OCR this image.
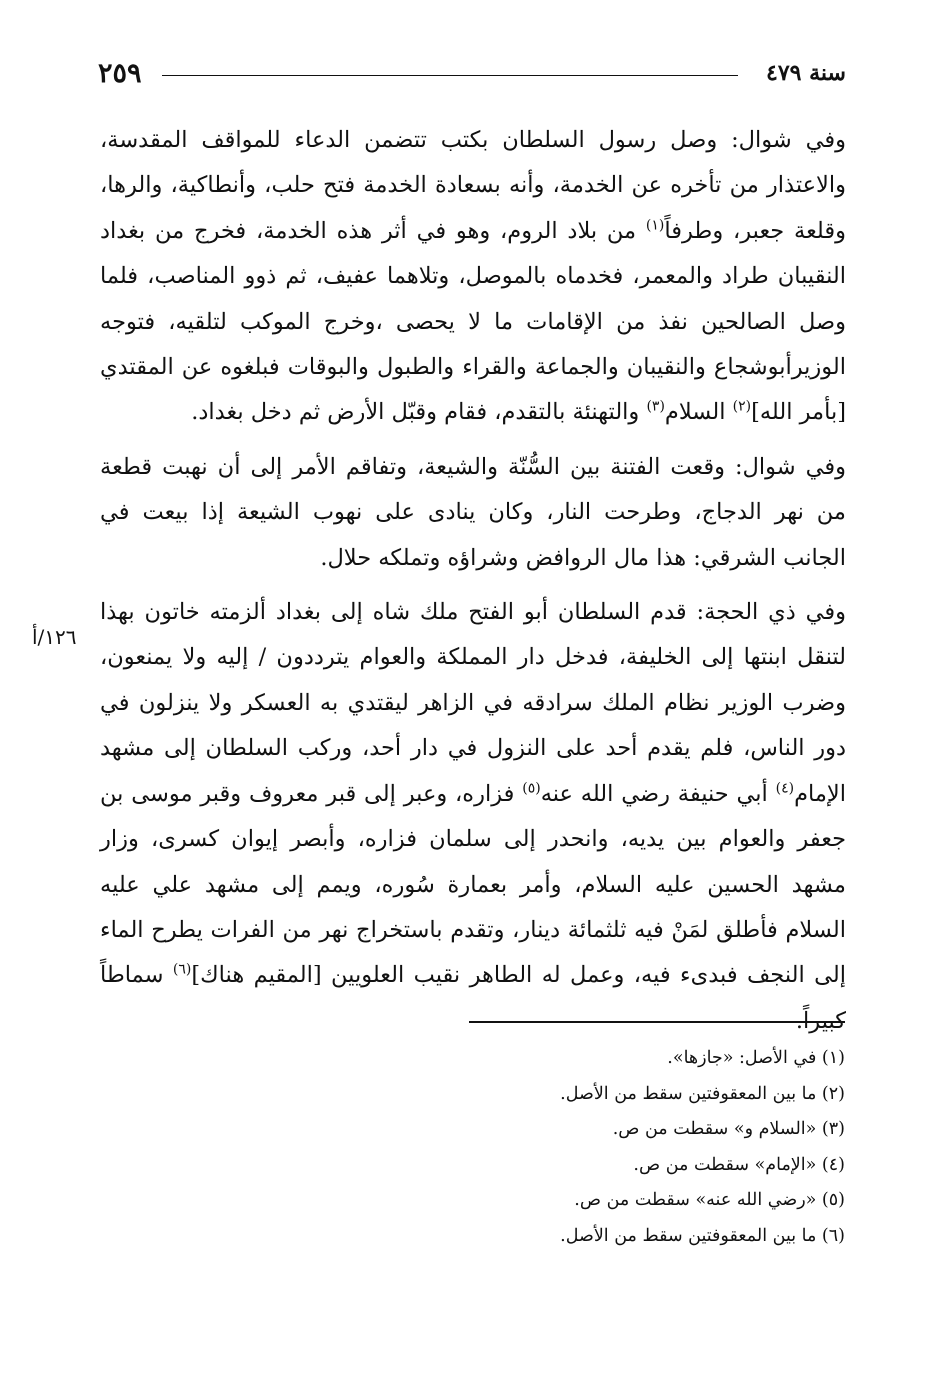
٢٥٩	سنة ٤٧٩
وفي شوال: وصل رسول السلطان بكتب تتضمن الدعاء للمواقف المقدسة، والاعتذار من تأخره عن الخدمة، وأنه بسعادة الخدمة فتح حلب، وأنطاكية، والرها، وقلعة جعبر، وطرفاً$^{(١)}$ من بلاد الروم، وهو في أثر هذه الخدمة، فخرج من بغداد النقيبان طراد والمعمر، فخدماه بالموصل، وتلاهما عفيف، ثم ذوو المناصب، فلما وصل الصالحين نفذ من الإقامات ما لا يحصى ،وخرج الموكب لتلقيه، فتوجه الوزيرأبوشجاع والنقيبان والجماعة والقراء والطبول والبوقات فبلغوه عن المقتدي [بأمر الله]$^{(٢)}$ السلام$^{(٣)}$ والتهنئة بالتقدم، فقام وقبّل الأرض ثم دخل بغداد.
وفي شوال: وقعت الفتنة بين السُّنّة والشيعة، وتفاقم الأمر إلى أن نهبت قطعة من نهر الدجاج، وطرحت النار، وكان ينادى على نهوب الشيعة إذا بيعت في الجانب الشرقي: هذا مال الروافض وشراؤه وتملكه حلال.
وفي ذي الحجة: قدم السلطان أبو الفتح ملك شاه إلى بغداد ألزمته خاتون بهذا لتنقل ابنتها إلى الخليفة، فدخل دار المملكة والعوام يترددون / إليه ولا يمنعون، وضرب الوزير نظام الملك سرادقه في الزاهر ليقتدي به العسكر ولا ينزلون في دور الناس، فلم يقدم أحد على النزول في دار أحد، وركب السلطان إلى مشهد الإمام$^{(٤)}$ أبي حنيفة رضي الله عنه$^{(٥)}$ فزاره، وعبر إلى قبر معروف وقبر موسى بن جعفر والعوام بين يديه، وانحدر إلى سلمان فزاره، وأبصر إيوان كسرى، وزار مشهد الحسين عليه السلام، وأمر بعمارة سُوره، ويمم إلى مشهد علي عليه السلام فأطلق لمَنْ فيه ثلثمائة دينار، وتقدم باستخراج نهر من الفرات يطرح الماء إلى النجف فبدىء فيه، وعمل له الطاهر نقيب العلويين [المقيم هناك]$^{(٦)}$ سماطاً كبيراً.
١٢٦/أ
(١) في الأصل: «جازها».
(٢) ما بين المعقوفتين سقط من الأصل.
(٣) «السلام و» سقطت من ص.
(٤) «الإمام» سقطت من ص.
(٥) «رضي الله عنه» سقطت من ص.
(٦) ما بين المعقوفتين سقط من الأصل.
